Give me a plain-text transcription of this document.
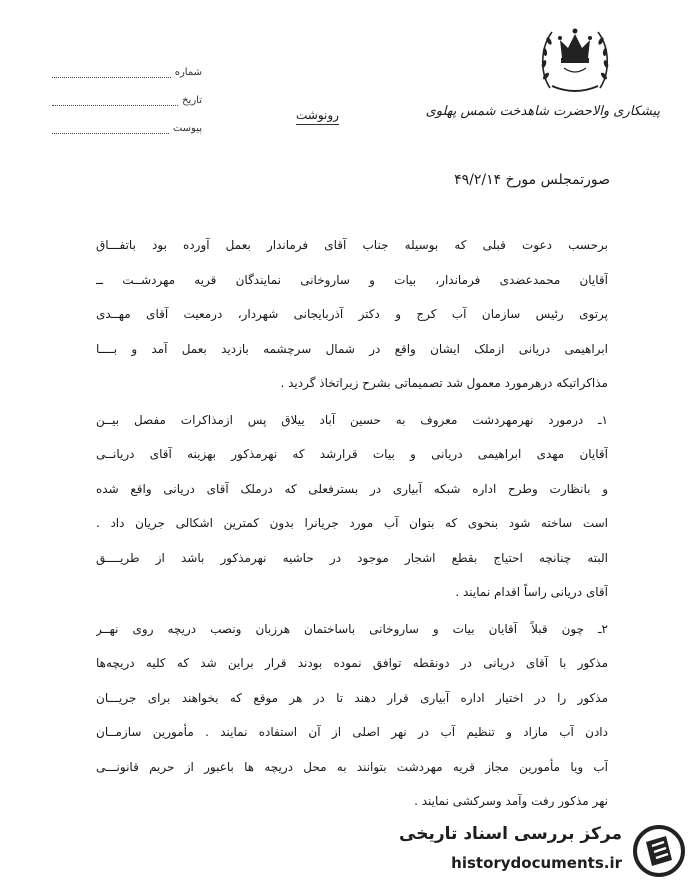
پیشکاری والاحضرت شاهدخت شمس پهلوی
شماره
تاریخ
پیوست
رونوشت
صورتمجلس مورخ ۴۹/۲/۱۴
برحسب دعوت قبلی که بوسیله جناب آقای فرماندار بعمل آورده بود باتفـــاق
آقایان محمدعضدی فرماندار، بیات و ساروخانی نمایندگان قریه مهردشــت ــ
پرتوی رئیس سازمان آب کرج و دکتر آذربایجانی شهردار، درمعیت آقای مهــدی
ابراهیمی دریانی ازملک ایشان واقع در شمال سرچشمه بازدید بعمل آمد و بــــا
مذاکراتیکه درهرمورد معمول شد تصمیماتی بشرح زیراتخاذ گردید .
۱ـ درمورد نهرمهردشت معروف به حسین آباد ییلاق پس ازمذاکرات مفصل بیــن
آقایان مهدی ابراهیمی دریانی و بیات قرارشد که نهرمذکور بهزینه آقای دریانــی
و بانظارت وطرح اداره شبکه آبیاری در بسترفعلی که درملک آقای دریانی واقع شده
است ساخته شود بنحوی که بتوان آب مورد جریانرا بدون کمترین اشکالی جریان داد .
البته چنانچه احتیاج بقطع اشجار موجود در حاشیه نهرمذکور باشد از طریــــق
آقای دریانی راساً اقدام نمایند .
۲ـ چون قبلاً آقایان بیات و ساروخانی باساختمان هرزبان ونصب دریچه روی نهــر
مذکور با آقای دریانی در دونقطه توافق نموده بودند قرار براین شد که کلیه دریچه‌ها
مذکور را در اختیار اداره آبیاری قرار دهند تا در هر موقع که بخواهند برای جریـــان
دادن آب مازاد و تنظیم آب در نهر اصلی از آن استفاده نمایند . مأمورین سازمــان
آب ویا مأمورین مجاز قریه مهردشت بتوانند به محل دریچه ها باعبور از حریم قانونـــی
نهر مذکور رفت وآمد وسرکشی نمایند .
مرکز بررسی اسناد تاریخی
historydocuments.ir
